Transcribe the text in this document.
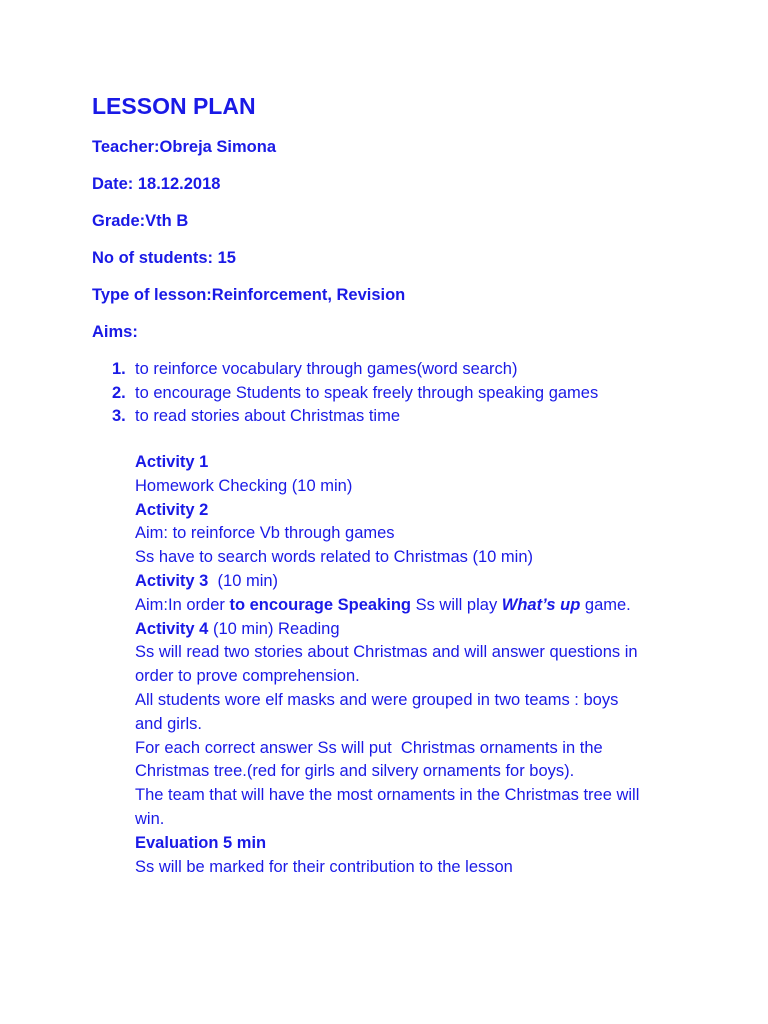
LESSON PLAN

Teacher:Obreja Simona

Date: 18.12.2018

Grade:Vth B

No of students: 15

Type of lesson:Reinforcement, Revision

Aims:

1. to reinforce vocabulary through games(word search)
2. to encourage Students to speak freely through speaking games
3. to read stories about Christmas time
Activity 1
Homework Checking (10 min)
Activity 2
Aim: to reinforce Vb through games
Ss have to search words related to Christmas (10 min)
Activity 3  (10 min)
Aim:In order to encourage Speaking Ss will play What’s up game.
Activity 4 (10 min) Reading
Ss will read two stories about Christmas and will answer questions in
order to prove comprehension.
All students wore elf masks and were grouped in two teams : boys
and girls.
For each correct answer Ss will put  Christmas ornaments in the
Christmas tree.(red for girls and silvery ornaments for boys).
The team that will have the most ornaments in the Christmas tree will
win.
Evaluation 5 min
Ss will be marked for their contribution to the lesson
